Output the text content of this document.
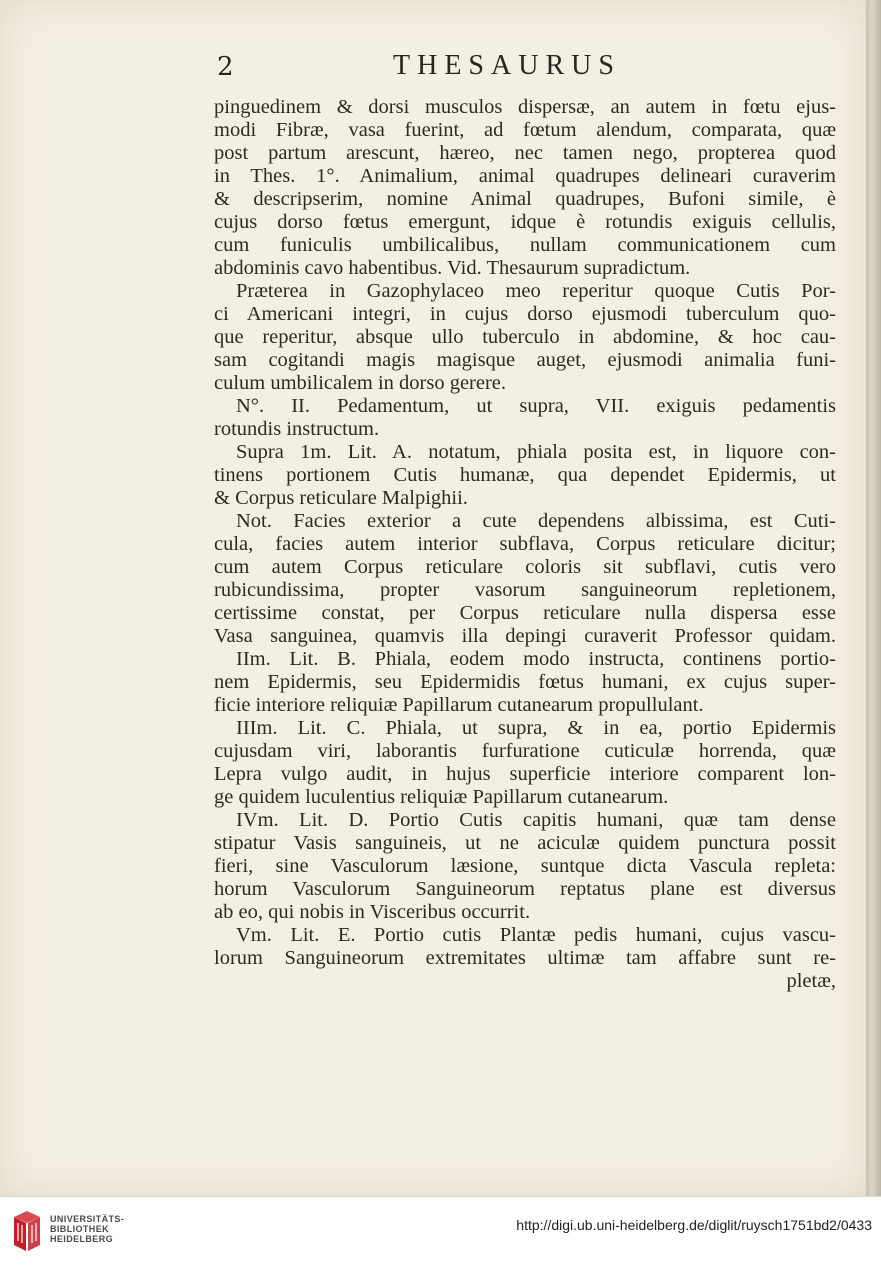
2	THESAURUS
pinguedinem & dorsi musculos dispersæ, an autem in fœtu ejus-
modi Fibræ, vasa fuerint, ad fœtum alendum, comparata, quæ
post partum arescunt, hæreo, nec tamen nego, propterea quod
in Thes. 1°. Animalium, animal quadrupes delineari curaverim
& descripserim, nomine Animal quadrupes, Bufoni simile, è
cujus dorso fœtus emergunt, idque è rotundis exiguis cellulis,
cum funiculis umbilicalibus, nullam communicationem cum
abdominis cavo habentibus. Vid. Thesaurum supradictum.
Præterea in Gazophylaceo meo reperitur quoque Cutis Por-
ci Americani integri, in cujus dorso ejusmodi tuberculum quo-
que reperitur, absque ullo tuberculo in abdomine, & hoc cau-
sam cogitandi magis magisque auget, ejusmodi animalia funi-
culum umbilicalem in dorso gerere.
N°. II. Pedamentum, ut supra, VII. exiguis pedamentis
rotundis instructum.
Supra 1m. Lit. A. notatum, phiala posita est, in liquore con-
tinens portionem Cutis humanæ, qua dependet Epidermis, ut
& Corpus reticulare Malpighii.
Not. Facies exterior a cute dependens albissima, est Cuti-
cula, facies autem interior subflava, Corpus reticulare dicitur;
cum autem Corpus reticulare coloris sit subflavi, cutis vero
rubicundissima, propter vasorum sanguineorum repletionem,
certissime constat, per Corpus reticulare nulla dispersa esse
Vasa sanguinea, quamvis illa depingi curaverit Professor quidam.
IIm. Lit. B. Phiala, eodem modo instructa, continens portio-
nem Epidermis, seu Epidermidis fœtus humani, ex cujus super-
ficie interiore reliquiæ Papillarum cutanearum propullulant.
IIIm. Lit. C. Phiala, ut supra, & in ea, portio Epidermis
cujusdam viri, laborantis furfuratione cuticulæ horrenda, quæ
Lepra vulgo audit, in hujus superficie interiore comparent lon-
ge quidem luculentius reliquiæ Papillarum cutanearum.
IVm. Lit. D. Portio Cutis capitis humani, quæ tam dense
stipatur Vasis sanguineis, ut ne aciculæ quidem punctura possit
fieri, sine Vasculorum læsione, suntque dicta Vascula repleta:
horum Vasculorum Sanguineorum reptatus plane est diversus
ab eo, qui nobis in Visceribus occurrit.
Vm. Lit. E. Portio cutis Plantæ pedis humani, cujus vascu-
lorum Sanguineorum extremitates ultimæ tam affabre sunt re-
pletæ,
UNIVERSITÄTS-
BIBLIOTHEK
HEIDELBERG
http://digi.ub.uni-heidelberg.de/diglit/ruysch1751bd2/0433
